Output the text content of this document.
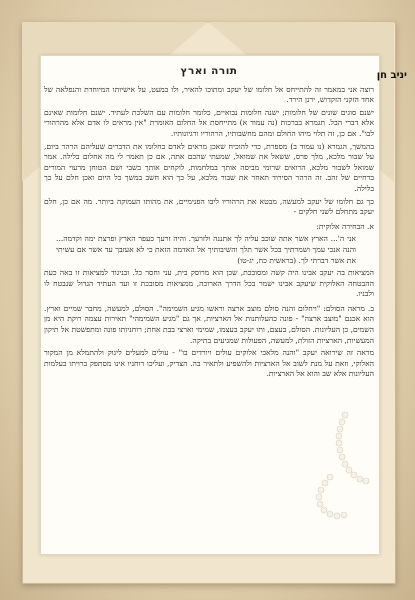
יניב חן
תורה וארץ

רוצה אני במאמר זה להתייחס אל חלומו של יעקב ומתוכו להאיר, ולו במעט, על אישיותו המיוחדת והנפלאה של אחד הזקני הזקדוש, ירנן הירד.

ישנם סוגים שונים של חלומות; ישנה חלומות נבואיים, כלומר חלומות עם השלכת לעתיד. ישנם חלומות שאינם אלא דברי הבל. תגמרא בברכות (נה עמוד א) מתייחסת אל החלום האומרת "אין מראים לו אדם אלא מהרהורי לבו". אם כן, זה תלוי מיהו החולם ומהם מחשבותיו, הרהוריו ורגיונותיו.

בהמשך, הגמרא (נו עמוד ב) מספרת, כדי להוכיח שאכן מראים לאדם בחלומו את הדברים שעליהם הרהר ביום, על שבור מלכא, מלך פרס, ששאל את שמואל, שמעתי שהכם אתה, אם כן תאמר לי מה אחלום בלילה. אמר שמואל לשבור מלכא, הרואים שרומי מביסה אותך במלחמות, לוקחים אותך בשבי ושם הטוחן מרעוי המורים ברחיים של זהב. זה הרהר הסירוד תאחר את שבור מלכא, על כך הוא חשב במשך כל היום ואכן חלם על כך בלילה.

כך גם חלומו של יעקב למעשה, מבטא את הרהוריו ליבו הפנימיים, את מהותו העמוקה ביותר. מה אם כן, חלם יעקב מתחלם לשני חלקים -

א. הבחירה אלוקית:

אני ה'... הארץ אשר אתה שוכב עליה לך אתננה ולזרעך. והיה זרעך כעפר הארץ ופרצת ימה וקדמה... והנה אנכי עמך ושמרתיך בכל אשר תלך והשיבותיך אל האדמה הזאת כי לא אעזבך עד אשר אם עשיתי את אשר דברתי לך. (בראשית כח, יג-טו)

המציאות בה יעקב אבינו היה קשה ומסובכת, שכן הוא מרוסק בית, עני וחסר כל. ובניגוד למציאות זו באה כעת ההבטחה האלוקית שיעקב אבינו ישמר בכל הדרך הארוכה, ממציאות מסובכת זו ועד העתיד הגדול שנבטח לו ולבניו.

ב. מראה הסולם: "ויחלום והנה סולם מוצב ארצה וראשו מגיע השמימה". הסולם, למעשה, מחבר שמיים וארץ. הוא אכנם "מוצב ארצה" - פונה כהעלותנות אל הארציות, אך גם "מגיע השמימהי" תאירות עצמה רוקת היא מן השמים, כן העליונות. הסולם, בעצם, ותו יעקב בעצמו, שמימי וארצי בבת אחת; רוחניותו פונה ומתפשטת אל תיקון המעשיות, הארציות הזולת, למעשה, הפעולות שמגיעים בתיקה.

מראה זה שירואה יעקב "והנה מלאכי אלוקים עולים ויורדים בו" - עולים למעלים לינוק ולהתמלא מן המקור האלוקי, וזאת על מנת לשוב אל הארציות ולהשפיע ולתאיר בה. הצדיק, ועליכו רוחניו אינו מסתפק ברויתו בעלמות העליונות אלא שב והוא אל הארציות.
